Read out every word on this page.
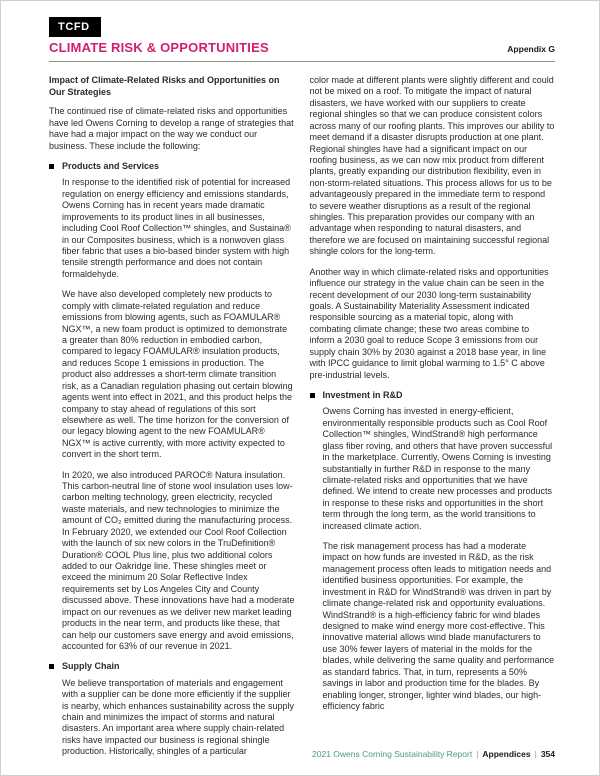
TCFD
CLIMATE RISK & OPPORTUNITIES	Appendix G
Impact of Climate-Related Risks and Opportunities on Our Strategies

The continued rise of climate-related risks and opportunities have led Owens Corning to develop a range of strategies that have had a major impact on the way we conduct our business. These include the following:

Products and Services

In response to the identified risk of potential for increased regulation on energy efficiency and emissions standards, Owens Corning has in recent years made dramatic improvements to its product lines in all businesses, including Cool Roof Collection™ shingles, and Sustaina® in our Composites business, which is a nonwoven glass fiber fabric that uses a bio-based binder system with high tensile strength performance and does not contain formaldehyde.

We have also developed completely new products to comply with climate-related regulation and reduce emissions from blowing agents, such as FOAMULAR® NGX™, a new foam product is optimized to demonstrate a greater than 80% reduction in embodied carbon, compared to legacy FOAMULAR® insulation products, and reduces Scope 1 emissions in production. The product also addresses a short-term climate transition risk, as a Canadian regulation phasing out certain blowing agents went into effect in 2021, and this product helps the company to stay ahead of regulations of this sort elsewhere as well. The time horizon for the conversion of our legacy blowing agent to the new FOAMULAR® NGX™ is active currently, with more activity expected to convert in the short term.

In 2020, we also introduced PAROC® Natura insulation. This carbon-neutral line of stone wool insulation uses low-carbon melting technology, green electricity, recycled waste materials, and new technologies to minimize the amount of CO₂ emitted during the manufacturing process. In February 2020, we extended our Cool Roof Collection with the launch of six new colors in the TruDefinition® Duration® COOL Plus line, plus two additional colors added to our Oakridge line. These shingles meet or exceed the minimum 20 Solar Reflective Index requirements set by Los Angeles City and County discussed above. These innovations have had a moderate impact on our revenues as we deliver new market leading products in the near term, and products like these, that can help our customers save energy and avoid emissions, accounted for 63% of our revenue in 2021.

Supply Chain

We believe transportation of materials and engagement with a supplier can be done more efficiently if the supplier is nearby, which enhances sustainability across the supply chain and minimizes the impact of storms and natural disasters. An important area where supply chain-related risks have impacted our business is regional shingle production. Historically, shingles of a particular

color made at different plants were slightly different and could not be mixed on a roof. To mitigate the impact of natural disasters, we have worked with our suppliers to create regional shingles so that we can produce consistent colors across many of our roofing plants. This improves our ability to meet demand if a disaster disrupts production at one plant. Regional shingles have had a significant impact on our roofing business, as we can now mix product from different plants, greatly expanding our distribution flexibility, even in non-storm-related situations. This process allows for us to be advantageously prepared in the immediate term to respond to severe weather disruptions as a result of the regional shingles. This preparation provides our company with an advantage when responding to natural disasters, and therefore we are focused on maintaining successful regional shingle colors for the long-term.

Another way in which climate-related risks and opportunities influence our strategy in the value chain can be seen in the recent development of our 2030 long-term sustainability goals. A Sustainability Materiality Assessment indicated responsible sourcing as a material topic, along with combating climate change; these two areas combine to inform a 2030 goal to reduce Scope 3 emissions from our supply chain 30% by 2030 against a 2018 base year, in line with IPCC guidance to limit global warming to 1.5° C above pre-industrial levels.

Investment in R&D

Owens Corning has invested in energy-efficient, environmentally responsible products such as Cool Roof Collection™ shingles, WindStrand® high performance glass fiber roving, and others that have proven successful in the marketplace. Currently, Owens Corning is investing substantially in further R&D in response to the many climate-related risks and opportunities that we have defined. We intend to create new processes and products in response to these risks and opportunities in the short term through the long term, as the world transitions to increased climate action.

The risk management process has had a moderate impact on how funds are invested in R&D, as the risk management process often leads to mitigation needs and identified business opportunities. For example, the investment in R&D for WindStrand® was driven in part by climate change-related risk and opportunity evaluations. WindStrand® is a high-efficiency fabric for wind blades designed to make wind energy more cost-effective. This innovative material allows wind blade manufacturers to use 30% fewer layers of material in the molds for the blades, while delivering the same quality and performance as standard fabrics. That, in turn, represents a 50% savings in labor and production time for the blades. By enabling longer, stronger, lighter wind blades, our high-efficiency fabric

2021 Owens Corning Sustainability Report | Appendices | 354
